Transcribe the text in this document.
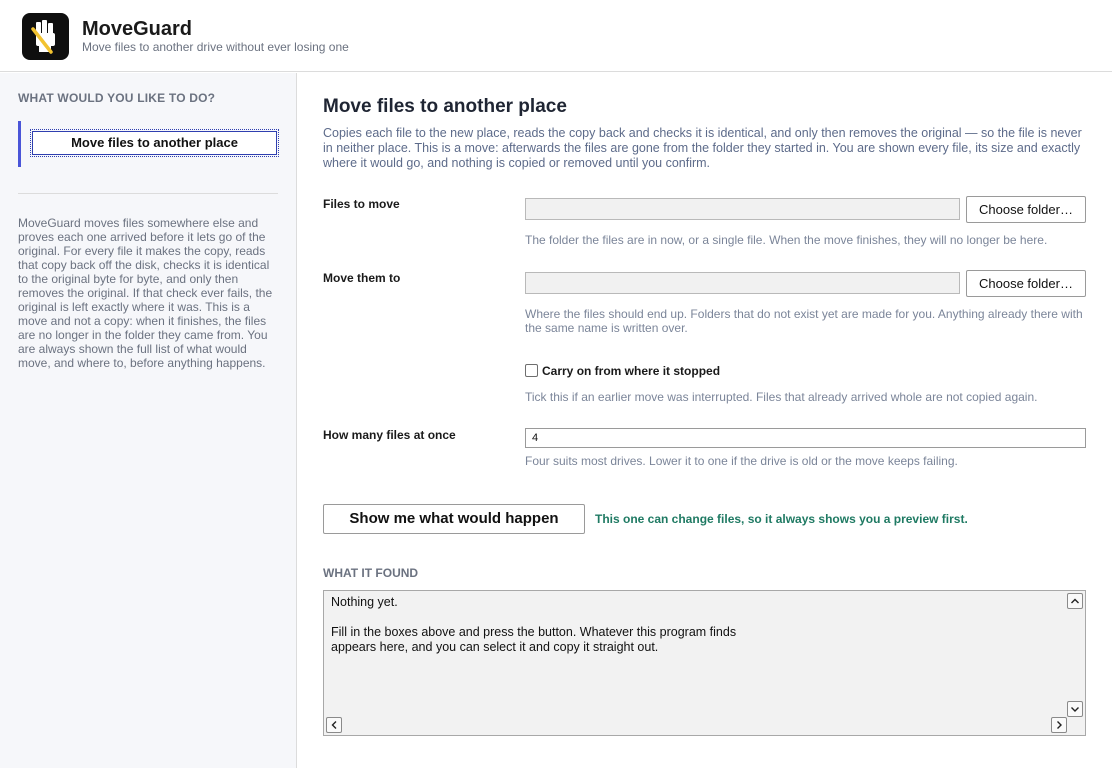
MoveGuard
Move files to another drive without ever losing one
WHAT WOULD YOU LIKE TO DO?
Move files to another place
MoveGuard moves files somewhere else and proves each one arrived before it lets go of the original. For every file it makes the copy, reads that copy back off the disk, checks it is identical to the original byte for byte, and only then removes the original. If that check ever fails, the original is left exactly where it was. This is a move and not a copy: when it finishes, the files are no longer in the folder they came from. You are always shown the full list of what would move, and where to, before anything happens.
Move files to another place
Copies each file to the new place, reads the copy back and checks it is identical, and only then removes the original — so the file is never in neither place. This is a move: afterwards the files are gone from the folder they started in. You are shown every file, its size and exactly where it would go, and nothing is copied or removed until you confirm.
Files to move	Choose folder…
The folder the files are in now, or a single file. When the move finishes, they will no longer be here.
Move them to	Choose folder…
Where the files should end up. Folders that do not exist yet are made for you. Anything already there with the same name is written over.
Carry on from where it stopped
Tick this if an earlier move was interrupted. Files that already arrived whole are not copied again.
How many files at once	4
Four suits most drives. Lower it to one if the drive is old or the move keeps failing.
Show me what would happen	This one can change files, so it always shows you a preview first.
WHAT IT FOUND
Nothing yet.

Fill in the boxes above and press the button. Whatever this program finds
appears here, and you can select it and copy it straight out.
